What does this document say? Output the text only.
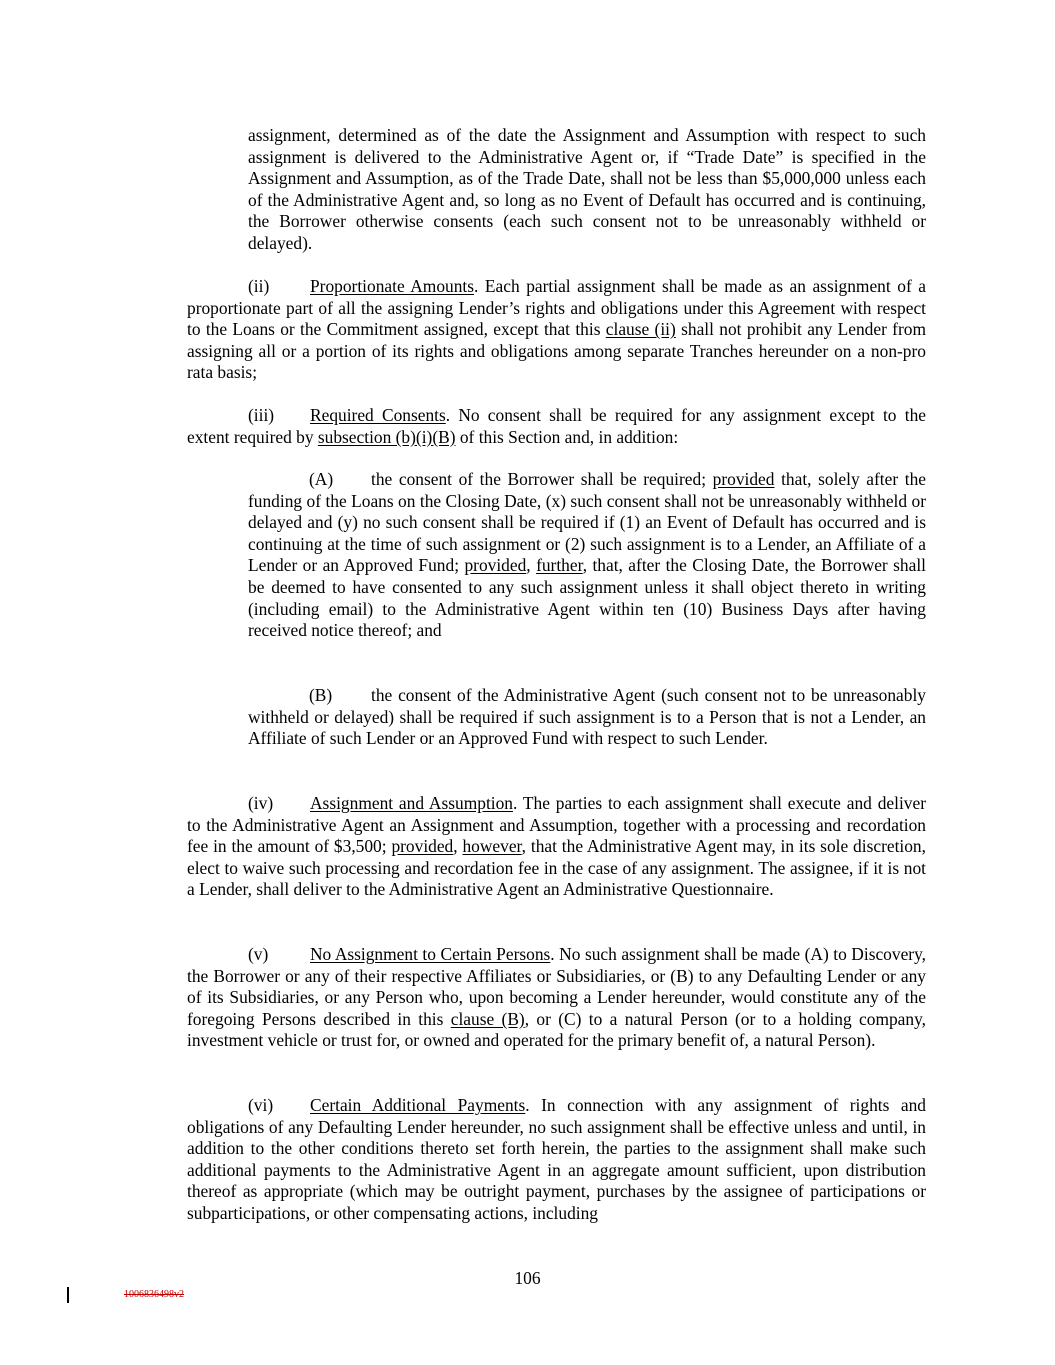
assignment, determined as of the date the Assignment and Assumption with respect to such assignment is delivered to the Administrative Agent or, if “Trade Date” is specified in the Assignment and Assumption, as of the Trade Date, shall not be less than $5,000,000 unless each of the Administrative Agent and, so long as no Event of Default has occurred and is continuing, the Borrower otherwise consents (each such consent not to be unreasonably withheld or delayed).

(ii) Proportionate Amounts. Each partial assignment shall be made as an assignment of a proportionate part of all the assigning Lender’s rights and obligations under this Agreement with respect to the Loans or the Commitment assigned, except that this clause (ii) shall not prohibit any Lender from assigning all or a portion of its rights and obligations among separate Tranches hereunder on a non-pro rata basis;

(iii) Required Consents. No consent shall be required for any assignment except to the extent required by subsection (b)(i)(B) of this Section and, in addition:

(A) the consent of the Borrower shall be required; provided that, solely after the funding of the Loans on the Closing Date, (x) such consent shall not be unreasonably withheld or delayed and (y) no such consent shall be required if (1) an Event of Default has occurred and is continuing at the time of such assignment or (2) such assignment is to a Lender, an Affiliate of a Lender or an Approved Fund; provided, further, that, after the Closing Date, the Borrower shall be deemed to have consented to any such assignment unless it shall object thereto in writing (including email) to the Administrative Agent within ten (10) Business Days after having received notice thereof; and

(B) the consent of the Administrative Agent (such consent not to be unreasonably withheld or delayed) shall be required if such assignment is to a Person that is not a Lender, an Affiliate of such Lender or an Approved Fund with respect to such Lender.

(iv) Assignment and Assumption. The parties to each assignment shall execute and deliver to the Administrative Agent an Assignment and Assumption, together with a processing and recordation fee in the amount of $3,500; provided, however, that the Administrative Agent may, in its sole discretion, elect to waive such processing and recordation fee in the case of any assignment. The assignee, if it is not a Lender, shall deliver to the Administrative Agent an Administrative Questionnaire.

(v) No Assignment to Certain Persons. No such assignment shall be made (A) to Discovery, the Borrower or any of their respective Affiliates or Subsidiaries, or (B) to any Defaulting Lender or any of its Subsidiaries, or any Person who, upon becoming a Lender hereunder, would constitute any of the foregoing Persons described in this clause (B), or (C) to a natural Person (or to a holding company, investment vehicle or trust for, or owned and operated for the primary benefit of, a natural Person).

(vi) Certain Additional Payments. In connection with any assignment of rights and obligations of any Defaulting Lender hereunder, no such assignment shall be effective unless and until, in addition to the other conditions thereto set forth herein, the parties to the assignment shall make such additional payments to the Administrative Agent in an aggregate amount sufficient, upon distribution thereof as appropriate (which may be outright payment, purchases by the assignee of participations or subparticipations, or other compensating actions, including

106
1006836498v2
